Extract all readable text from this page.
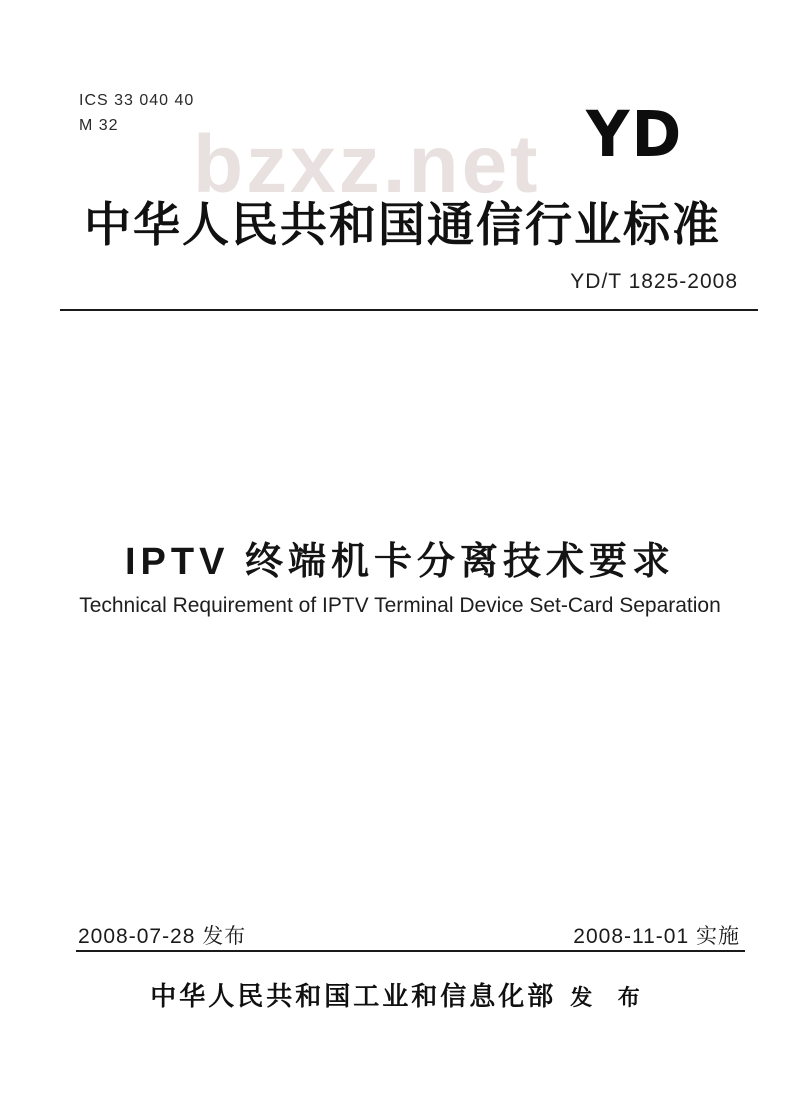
bzxz.net
ICS 33 040 40
M 32	YD
中华人民共和国通信行业标准
YD/T 1825-2008
IPTV 终端机卡分离技术要求
Technical Requirement of IPTV Terminal Device Set-Card Separation
2008-07-28 发布	2008-11-01 实施
中华人民共和国工业和信息化部 发 布
